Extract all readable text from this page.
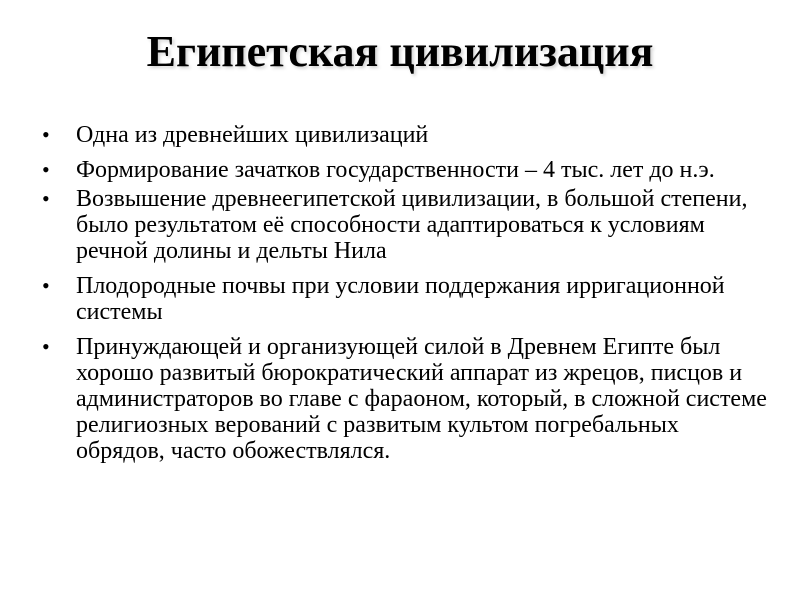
Египетская цивилизация
• Одна из древнейших цивилизаций
• Формирование зачатков государственности – 4 тыс. лет до н.э.
• Возвышение древнеегипетской цивилизации, в большой степени, было результатом её способности адаптироваться к условиям речной долины и дельты Нила
• Плодородные почвы при условии поддержания ирригационной системы
• Принуждающей и организующей силой в Древнем Египте был хорошо развитый бюрократический аппарат из жрецов, писцов и администраторов во главе с фараоном, который, в сложной системе религиозных верований с развитым культом погребальных обрядов, часто обожествлялся.
